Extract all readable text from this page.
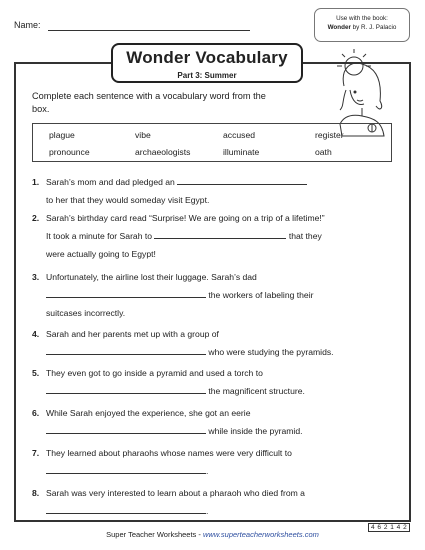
Name:
Use with the book:
Wonder by R. J. Palacio
Wonder Vocabulary
Part 3: Summer
Complete each sentence with a vocabulary word from the box.
plague	vibe	accused	register
pronounce	archaeologists	illuminate	oath
1. Sarah’s mom and dad pledged an
to her that they would someday visit Egypt.
2. Sarah’s birthday card read “Surprise! We are going on a trip of a lifetime!”
It took a minute for Sarah to	that they
were actually going to Egypt!
3. Unfortunately, the airline lost their luggage. Sarah’s dad
the workers of labeling their
suitcases incorrectly.
4. Sarah and her parents met up with a group of
who were studying the pyramids.
5. They even got to go inside a pyramid and used a torch to
the magnificent structure.
6. While Sarah enjoyed the experience, she got an eerie
while inside the pyramid.
7. They learned about pharaohs whose names were very difficult to
.
8. Sarah was very interested to learn about a pharaoh who died from a
.
4 6 2 1 4 2
Super Teacher Worksheets - www.superteacherworksheets.com
